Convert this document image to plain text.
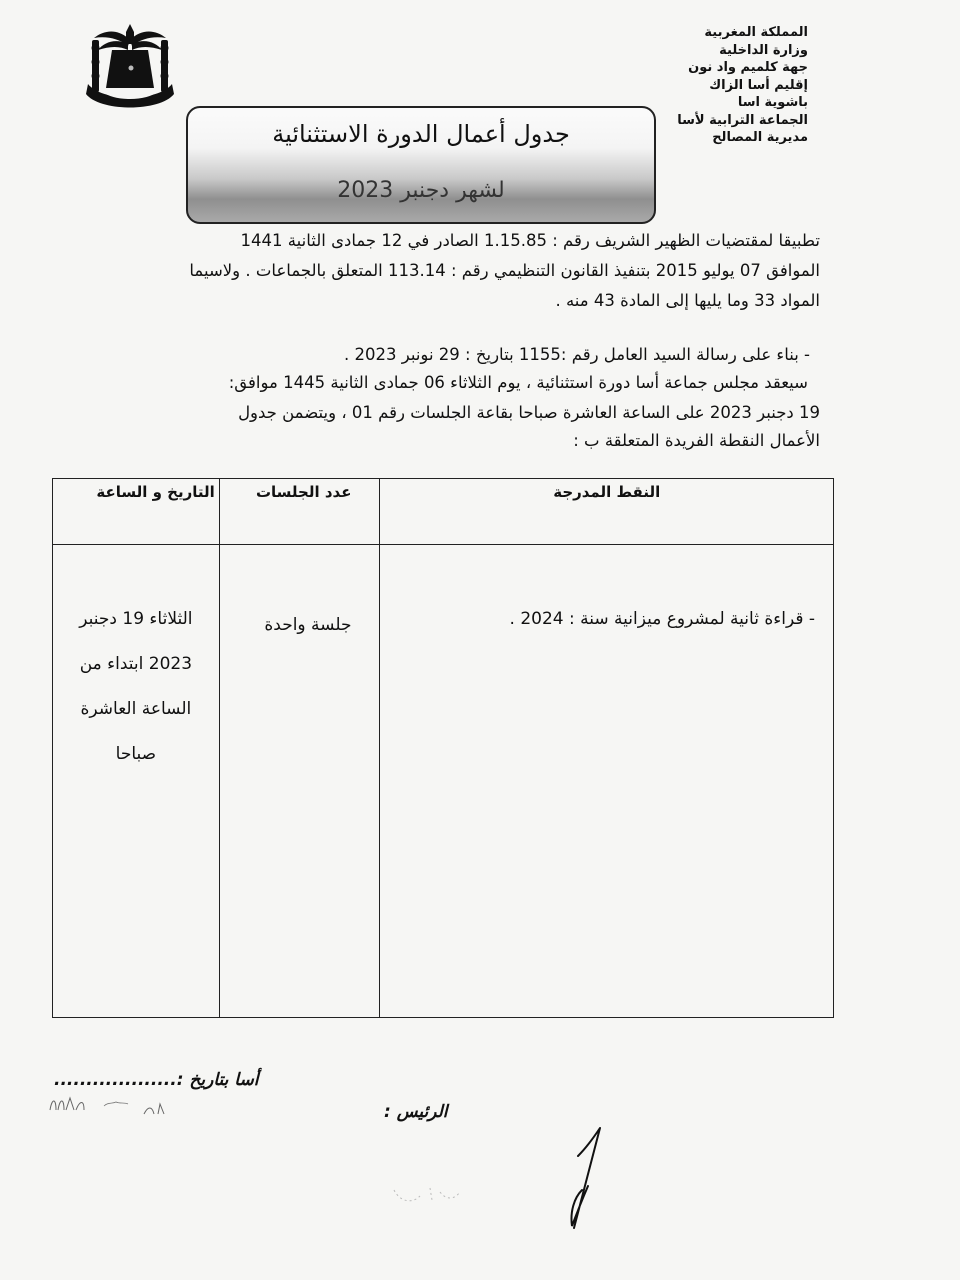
المملكة المغربية
وزارة الداخلية
جهة كلميم واد نون
إقليم أسا الزاك
باشوية اسا
الجماعة الترابية لأسا
مديرية المصالح
جدول أعمال الدورة الاستثنائية
لشهر دجنبر 2023
تطبيقا لمقتضيات الظهير الشريف رقم : 1.15.85 الصادر في 12 جمادى الثانية 1441
الموافق 07 يوليو 2015 بتنفيذ القانون التنظيمي رقم : 113.14 المتعلق بالجماعات . ولاسيما
المواد 33 وما يليها إلى المادة 43 منه .
- بناء على رسالة السيد العامل رقم :1155 بتاريخ : 29 نونبر 2023 .
سيعقد مجلس جماعة أسا دورة استثنائية ، يوم الثلاثاء 06 جمادى الثانية 1445 موافق:
19 دجنبر 2023 على الساعة العاشرة صباحا بقاعة الجلسات رقم 01 ، ويتضمن جدول
الأعمال النقطة الفريدة المتعلقة ب :
النقط المدرجة	عدد الجلسات	التاريخ و الساعة
- قراءة ثانية لمشروع ميزانية سنة : 2024 .	جلسة واحدة	الثلاثاء 19 دجنبر
2023 ابتداء من
الساعة العاشرة
صباحا
أسا بتاريخ :...................
الرئيس :
